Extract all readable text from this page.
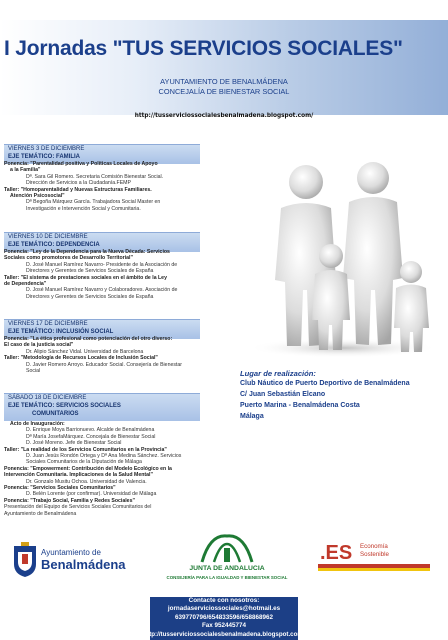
I Jornadas "TUS SERVICIOS SOCIALES"
AYUNTAMIENTO DE BENALMÁDENA
CONCEJALÍA DE BIENESTAR SOCIAL
http://tusserviciossocialesbenalmadena.blogspot.com/
VIERNES 3 DE DICIEMBRE
EJE TEMÁTICO: FAMILIA
Ponencia: "Parentalidad positiva y Políticas Locales de Apoyo
a la Familia"
Dª. Sara Gil Romero. Secretaria Comisión Bienestar Social.
Dirección de Servicios a la Ciudadanía.FEMP
Taller: "Homoparentalidad y Nuevas Estructuras Familiares.
Atención Psicosocial"
Dª Begoña Márquez García. Trabajadora Social Master en
Investigación e Intervención Social y Comunitaria.
VIERNES 10 DE DICIEMBRE
EJE TEMÁTICO: DEPENDENCIA
Ponencia: "Ley de la Dependencia para la Nueva Década: Servicios
Sociales como promotores de Desarrollo Territorial"
D. José Manuel Ramírez Navarro- Presidente de la Asociación de
Directores y Gerentes de Servicios Sociales de España
Taller: "El sistema de prestaciones sociales en el ámbito de la Ley
de Dependencia"
D. José Manuel Ramírez Navarro y Colaboradores. Asociación de
Directores y Gerentes de Servicios Sociales de España
VIERNES 17 DE DICIEMBRE
EJE TEMÁTICO: INCLUSIÓN SOCIAL
Ponencia: "La ética profesional como potenciación del otro diverso:
El caso de la justicia social"
Dr. Alipio Sánchez Vidal. Universidad de Barcelona
Taller: "Metodología de Recursos Locales de Inclusión Social"
D. Javier Romero Arroyo. Educador Social. Consejería de Bienestar
Social
SÁBADO 18 DE DICIEMBRE
EJE TEMÁTICO: SERVICIOS SOCIALES
COMUNITARIOS
Acto de Inauguración:
D. Enrique Moya Barrionuevo. Alcalde de Benalmádena
Dª María JosefaMárquez. Concejala de Bienestar Social
D. José Moreno. Jefe de Bienestar Social
Taller: "La realidad de los Servicios Comunitarios en la Provincia"
D. Juan Jesús Rondón Ortega y Dª Ana Medina Sánchez. Servicios
Sociales Comunitarios de la Diputación de Málaga
Ponencia: "Empowerment: Contribución del Modelo Ecológico en la
Intervención Comunitaria. Implicaciones de la Salud Mental"
Dr. Gonzalo Musitu Ochoa. Universidad de Valencia.
Ponencia: "Servicios Sociales Comunitarios"
D. Belén Lorente (por confirmar). Universidad de Málaga
Ponencia: "Trabajo Social, Familia y Redes Sociales"
Presentación del Equipo de Servicios Sociales Comunitarios del
Ayuntamiento de Benalmádena
Lugar de realización:
Club Náutico de Puerto Deportivo de Benalmádena
C/ Juan Sebastián Elcano
Puerto Marina - Benalmádena Costa
Málaga
Ayuntamiento de
Benalmádena	JUNTA DE ANDALUCIA
CONSEJERÍA PARA LA IGUALDAD Y BIENESTAR SOCIAL
.ES Economía
Sostenible
Contacte con nosotros:
jornadaserviciossociales@hotmail.es
639770796/654833596/658868962
Fax 952445774
http://tusserviciossocialesbenalmadena.blogspot.com/
